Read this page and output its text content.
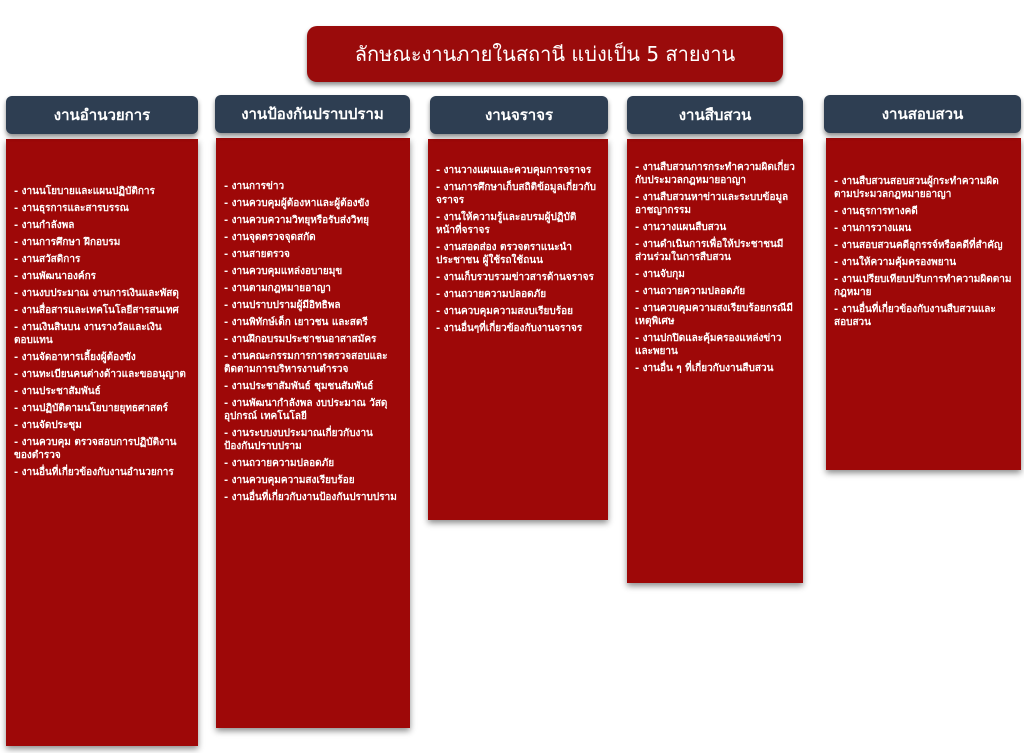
ลักษณะงานภายในสถานี แบ่งเป็น 5 สายงาน
งานอำนวยการ
- งานนโยบายและแผนปฏิบัติการ
- งานธุรการและสารบรรณ
- งานกำลังพล
- งานการศึกษา ฝึกอบรม
- งานสวัสดิการ
- งานพัฒนาองค์กร
- งานงบประมาณ งานการเงินและพัสดุ
- งานสื่อสารและเทคโนโลยีสารสนเทศ
- งานเงินสินบน งานรางวัลและเงินตอบแทน
- งานจัดอาหารเลี้ยงผู้ต้องขัง
- งานทะเบียนคนต่างด้าวและขออนุญาต
- งานประชาสัมพันธ์
- งานปฏิบัติตามนโยบายยุทธศาสตร์
- งานจัดประชุม
- งานควบคุม ตรวจสอบการปฏิบัติงานของตำรวจ
- งานอื่นที่เกี่ยวข้องกับงานอำนวยการ
งานป้องกันปราบปราม
- งานการข่าว
- งานควบคุมผู้ต้องหาและผู้ต้องขัง
- งานควบความวิทยุหรือรับส่งวิทยุ
- งานจุดตรวจจุดสกัด
- งานสายตรวจ
- งานควบคุมแหล่งอบายมุข
- งานตามกฎหมายอาญา
- งานปราบปรามผู้มีอิทธิพล
- งานพิทักษ์เด็ก เยาวชน และสตรี
- งานฝึกอบรมประชาชนอาสาสมัคร
- งานคณะกรรมการการตรวจสอบและติดตามการบริหารงานตำรวจ
- งานประชาสัมพันธ์ ชุมชนสัมพันธ์
- งานพัฒนากำลังพล งบประมาณ วัสดุ อุปกรณ์ เทคโนโลยี
- งานระบบงบประมาณเกี่ยวกับงานป้องกันปราบปราม
- งานถวายความปลอดภัย
- งานควบคุมความสงเรียบร้อย
- งานอื่นที่เกี่ยวกับงานป้องกันปราบปราม
งานจราจร
- งานวางแผนและควบคุมการจราจร
- งานการศึกษาเก็บสถิติข้อมูลเกี่ยวกับจราจร
- งานให้ความรู้และอบรมผู้ปฏิบัติหน้าที่จราจร
- งานสอดส่อง ตรวจตราแนะนำประชาชน ผู้ใช้รถใช้ถนน
- งานเก็บรวบรวมข่าวสารด้านจราจร
- งานถวายความปลอดภัย
- งานควบคุมความสงบเรียบร้อย
- งานอื่นๆที่เกี่ยวข้องกับงานจราจร
งานสืบสวน
- งานสืบสวนการกระทำความผิดเกี่ยวกับประมวลกฎหมายอาญา
- งานสืบสวนหาข่าวและระบบข้อมูลอาชญากรรม
- งานวางแผนสืบสวน
- งานดำเนินการเพื่อให้ประชาชนมีส่วนร่วมในการสืบสวน
- งานจับกุม
- งานถวายความปลอดภัย
- งานควบคุมความสงเรียบร้อยกรณีมีเหตุพิเศษ
- งานปกปิดและคุ้มครองแหล่งข่าวและพยาน
- งานอื่น ๆ ที่เกี่ยวกับงานสืบสวน
งานสอบสวน
- งานสืบสวนสอบสวนผู้กระทำความผิดตามประมวลกฎหมายอาญา
- งานธุรการทางคดี
- งานการวางแผน
- งานสอบสวนคดีอุกรรจ์หรือคดีที่สำคัญ
- งานให้ความคุ้มครองพยาน
- งานเปรียบเทียบปรับการทำความผิดตามกฎหมาย
- งานอื่นที่เกี่ยวข้องกับงานสืบสวนและสอบสวน
